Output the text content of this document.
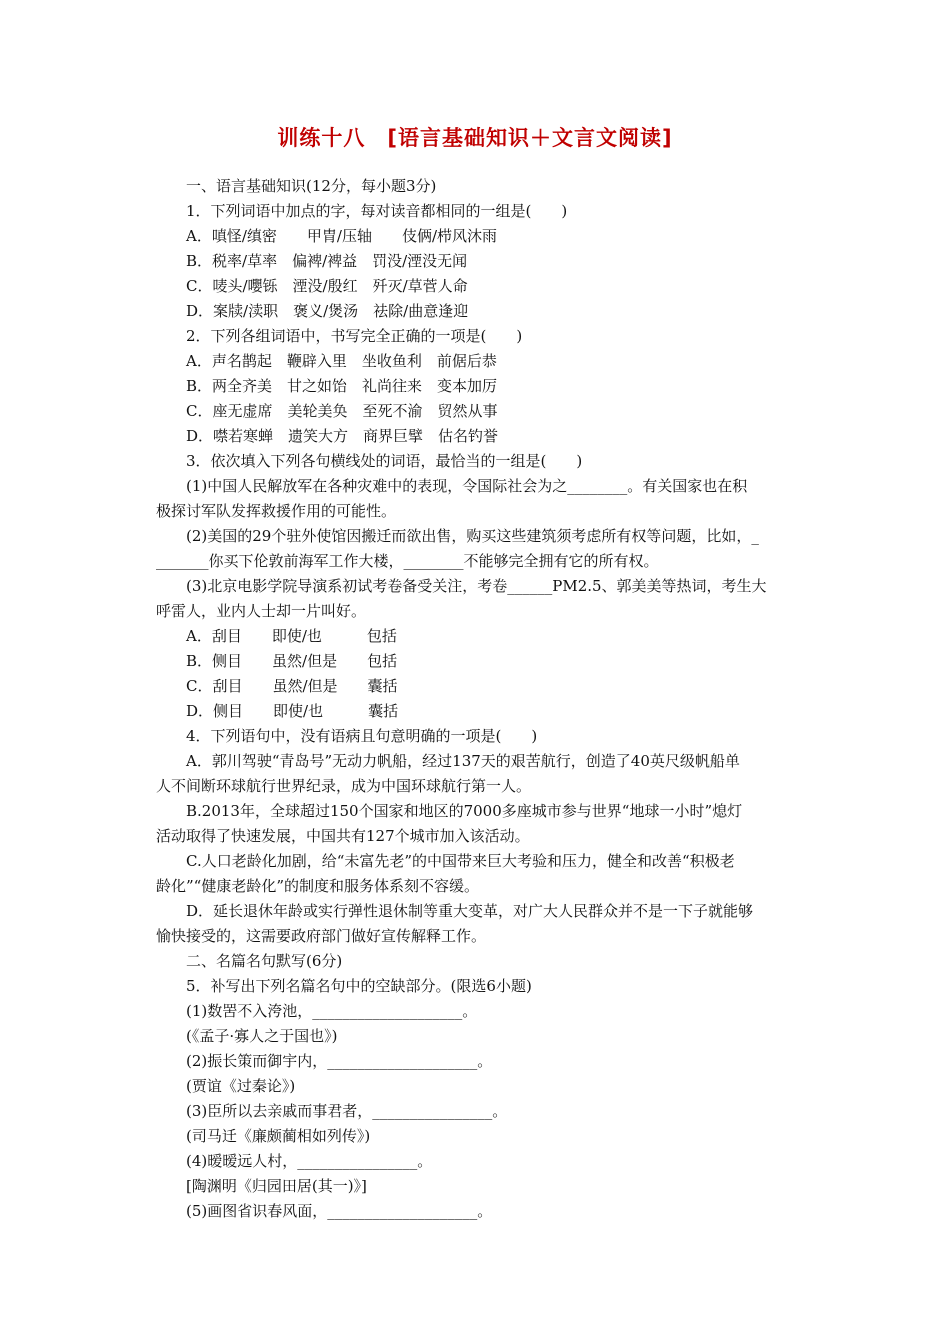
训练十八　[语言基础知识＋文言文阅读]
一、语言基础知识(12分，每小题3分)
1．下列词语中加点的字，每对读音都相同的一组是(　　)
A．嗔怪/缜密　　甲胄/压轴　　伎俩/栉风沐雨
B．税率/草率　偏裨/裨益　罚没/湮没无闻
C．唛头/嚶铄　湮没/殷红　歼灭/草菅人命
D．案牍/渎职　褒义/煲汤　祛除/曲意逢迎
2．下列各组词语中，书写完全正确的一项是(　　)
A．声名鹊起　鞭辟入里　坐收鱼利　前倨后恭
B．两全齐美　甘之如饴　礼尚往来　变本加厉
C．座无虚席　美轮美奂　至死不渝　贸然从事
D．噤若寒蝉　遗笑大方　商界巨擘　估名钓誉
3．依次填入下列各句横线处的词语，最恰当的一组是(　　)
(1)中国人民解放军在各种灾难中的表现，令国际社会为之________。有关国家也在积
极探讨军队发挥救援作用的可能性。
(2)美国的29个驻外使馆因搬迁而欲出售，购买这些建筑须考虑所有权等问题，比如，_
_______你买下伦敦前海军工作大楼，________不能够完全拥有它的所有权。
(3)北京电影学院导演系初试考卷备受关注，考卷______PM2.5、郭美美等热词，考生大
呼雷人，业内人士却一片叫好。
A．刮目　　即使/也　　　包括
B．侧目　　虽然/但是　　包括
C．刮目　　虽然/但是　　囊括
D．侧目　　即使/也　　　囊括
4．下列语句中，没有语病且句意明确的一项是(　　)
A．郭川驾驶“青岛号”无动力帆船，经过137天的艰苦航行，创造了40英尺级帆船单
人不间断环球航行世界纪录，成为中国环球航行第一人。
B.2013年，全球超过150个国家和地区的7000多座城市参与世界“地球一小时”熄灯
活动取得了快速发展，中国共有127个城市加入该活动。
C.人口老龄化加剧，给“未富先老”的中国带来巨大考验和压力，健全和改善“积极老
龄化”“健康老龄化”的制度和服务体系刻不容缓。
D．延长退休年龄或实行弹性退休制等重大变革，对广大人民群众并不是一下子就能够
愉快接受的，这需要政府部门做好宣传解释工作。
二、名篇名句默写(6分)
5．补写出下列名篇名句中的空缺部分。(限选6小题)
(1)数罟不入洿池，____________________。
(《孟子·寡人之于国也》)
(2)振长策而御宇内，____________________。
(贾谊《过秦论》)
(3)臣所以去亲戚而事君者，________________。
(司马迁《廉颇蔺相如列传》)
(4)暧暧远人村，________________。
[陶渊明《归园田居(其一)》]
(5)画图省识春风面，____________________。
